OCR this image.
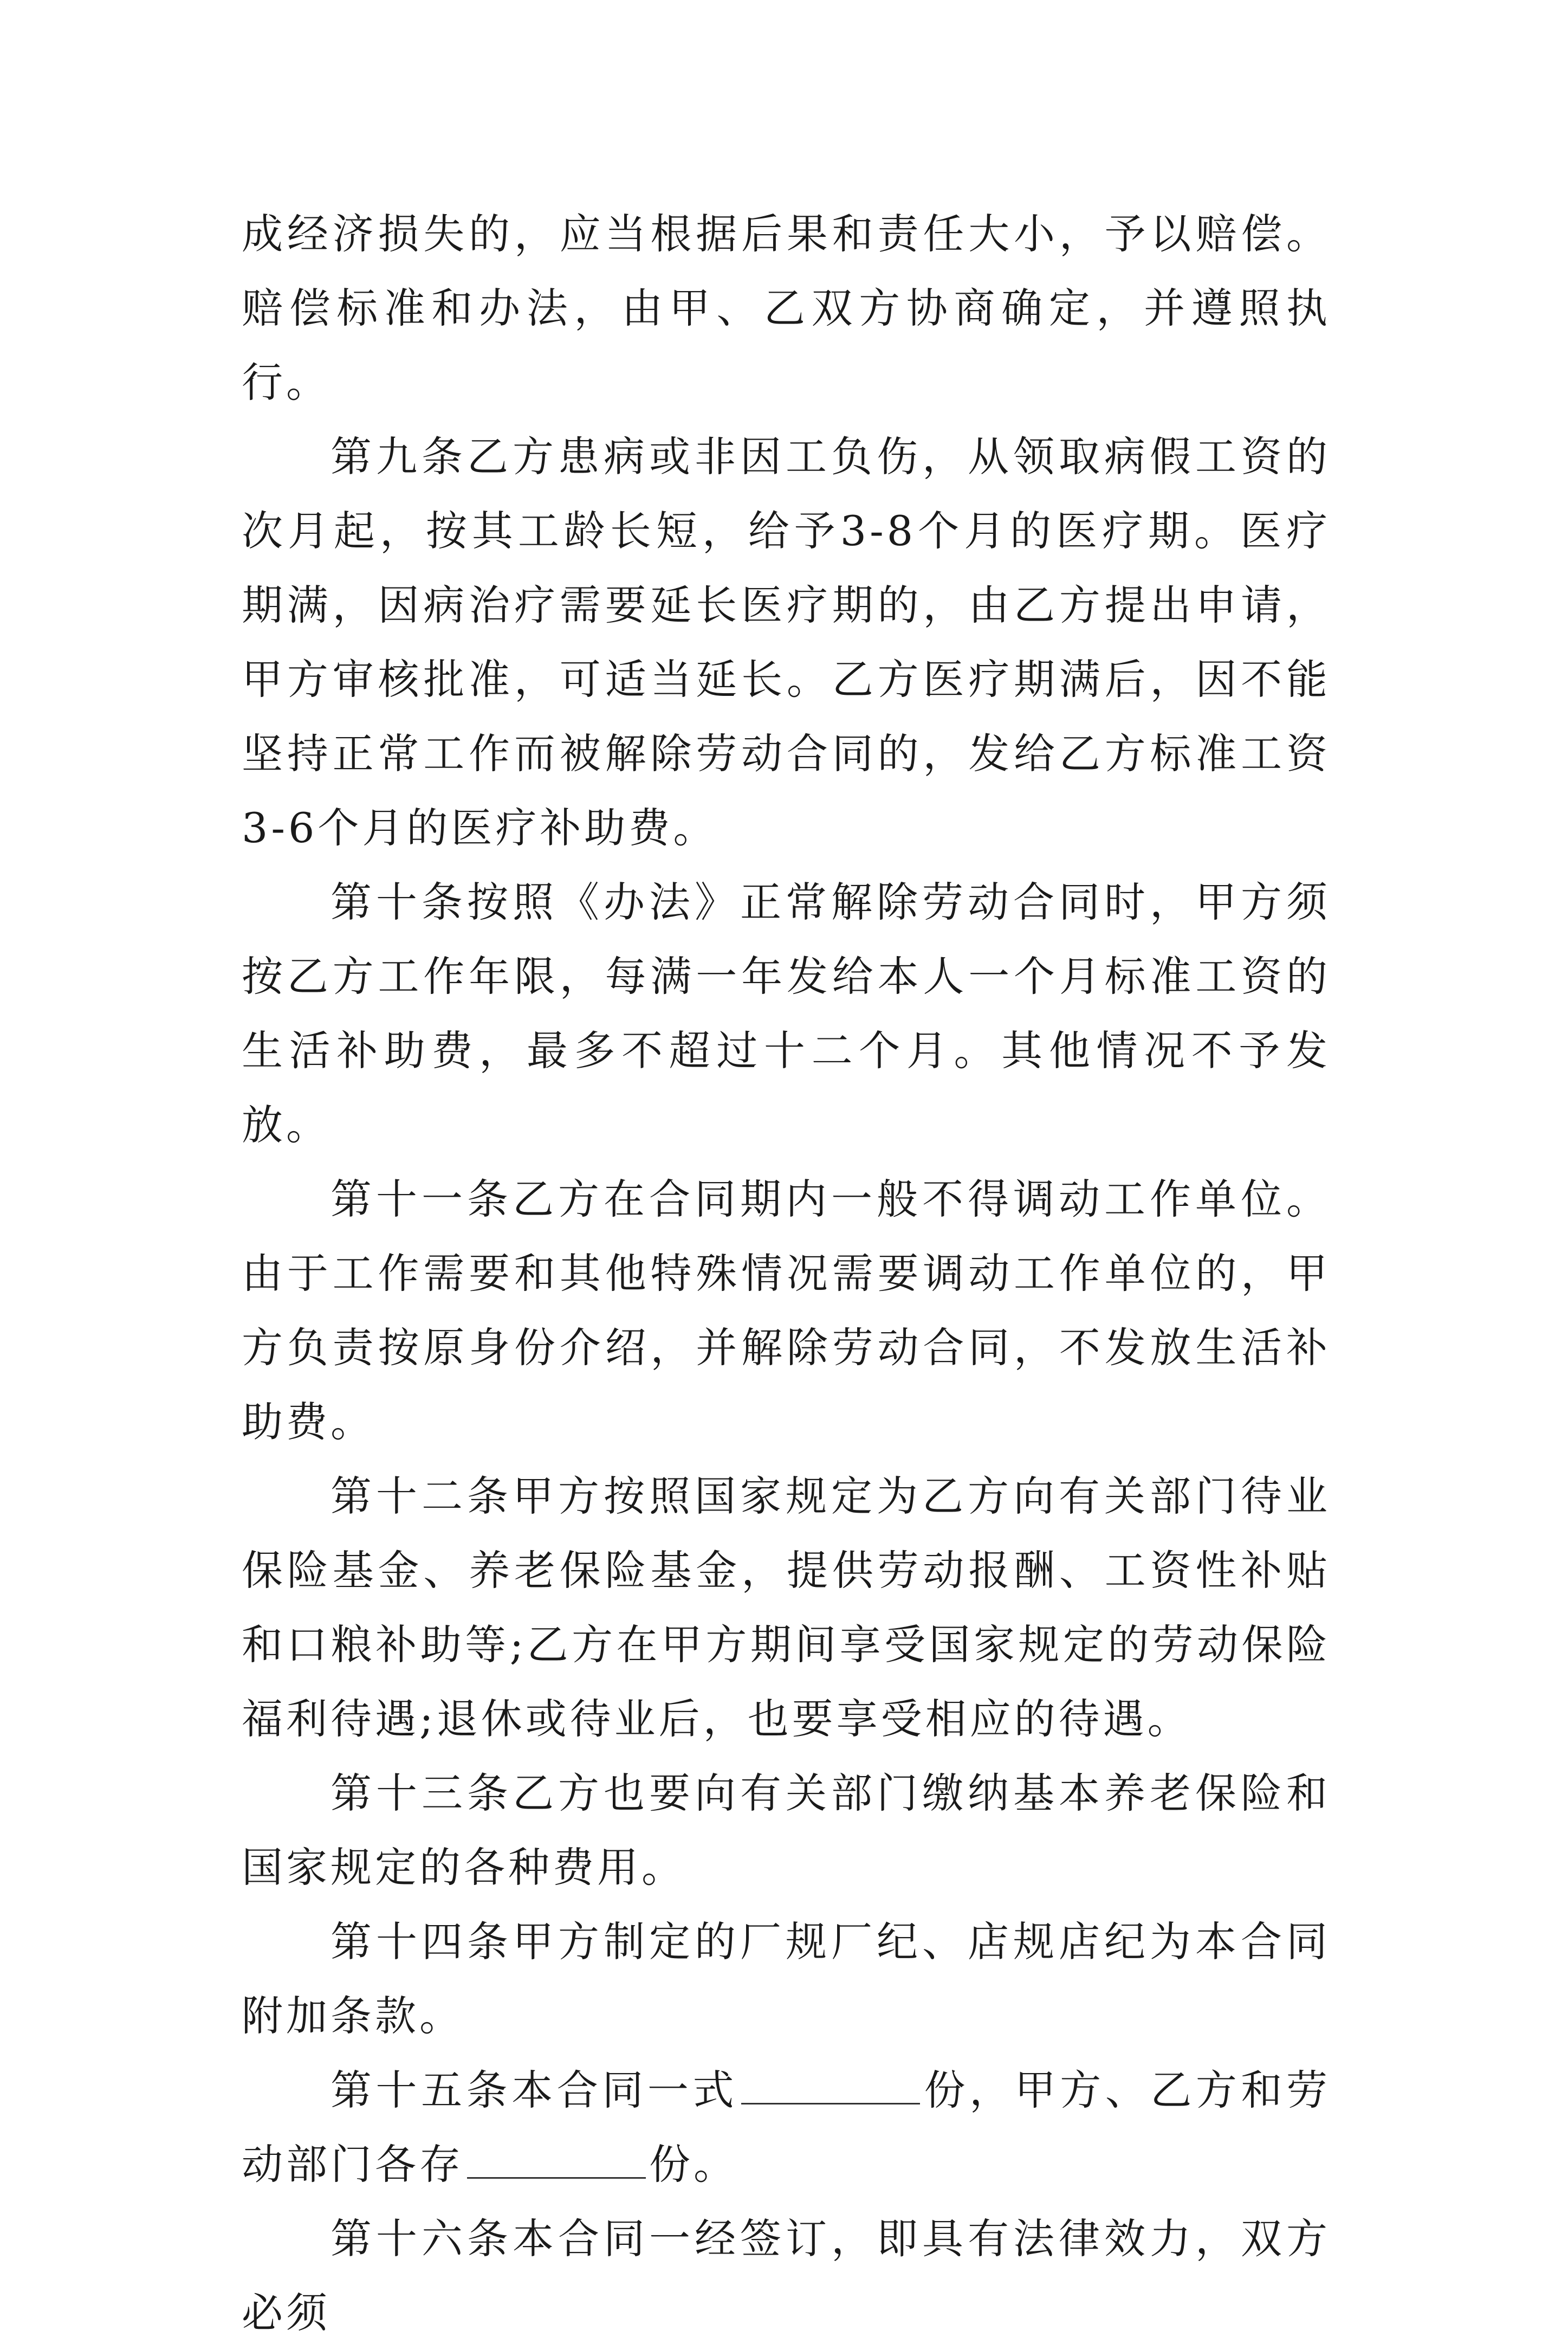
成经济损失的，应当根据后果和责任大小，予以赔偿。赔偿标准和办法，由甲、乙双方协商确定，并遵照执行。

第九条乙方患病或非因工负伤，从领取病假工资的次月起，按其工龄长短，给予3-8个月的医疗期。医疗期满，因病治疗需要延长医疗期的，由乙方提出申请，甲方审核批准，可适当延长。乙方医疗期满后，因不能坚持正常工作而被解除劳动合同的，发给乙方标准工资3-6个月的医疗补助费。

第十条按照《办法》正常解除劳动合同时，甲方须按乙方工作年限，每满一年发给本人一个月标准工资的生活补助费，最多不超过十二个月。其他情况不予发放。

第十一条乙方在合同期内一般不得调动工作单位。由于工作需要和其他特殊情况需要调动工作单位的，甲方负责按原身份介绍，并解除劳动合同，不发放生活补助费。

第十二条甲方按照国家规定为乙方向有关部门待业保险基金、养老保险基金，提供劳动报酬、工资性补贴和口粮补助等;乙方在甲方期间享受国家规定的劳动保险福利待遇;退休或待业后，也要享受相应的待遇。

第十三条乙方也要向有关部门缴纳基本养老保险和国家规定的各种费用。

第十四条甲方制定的厂规厂纪、店规店纪为本合同附加条款。

第十五条本合同一式	份，甲方、乙方和劳动部门各存	份。

第十六条本合同一经签订，即具有法律效力，双方必须
